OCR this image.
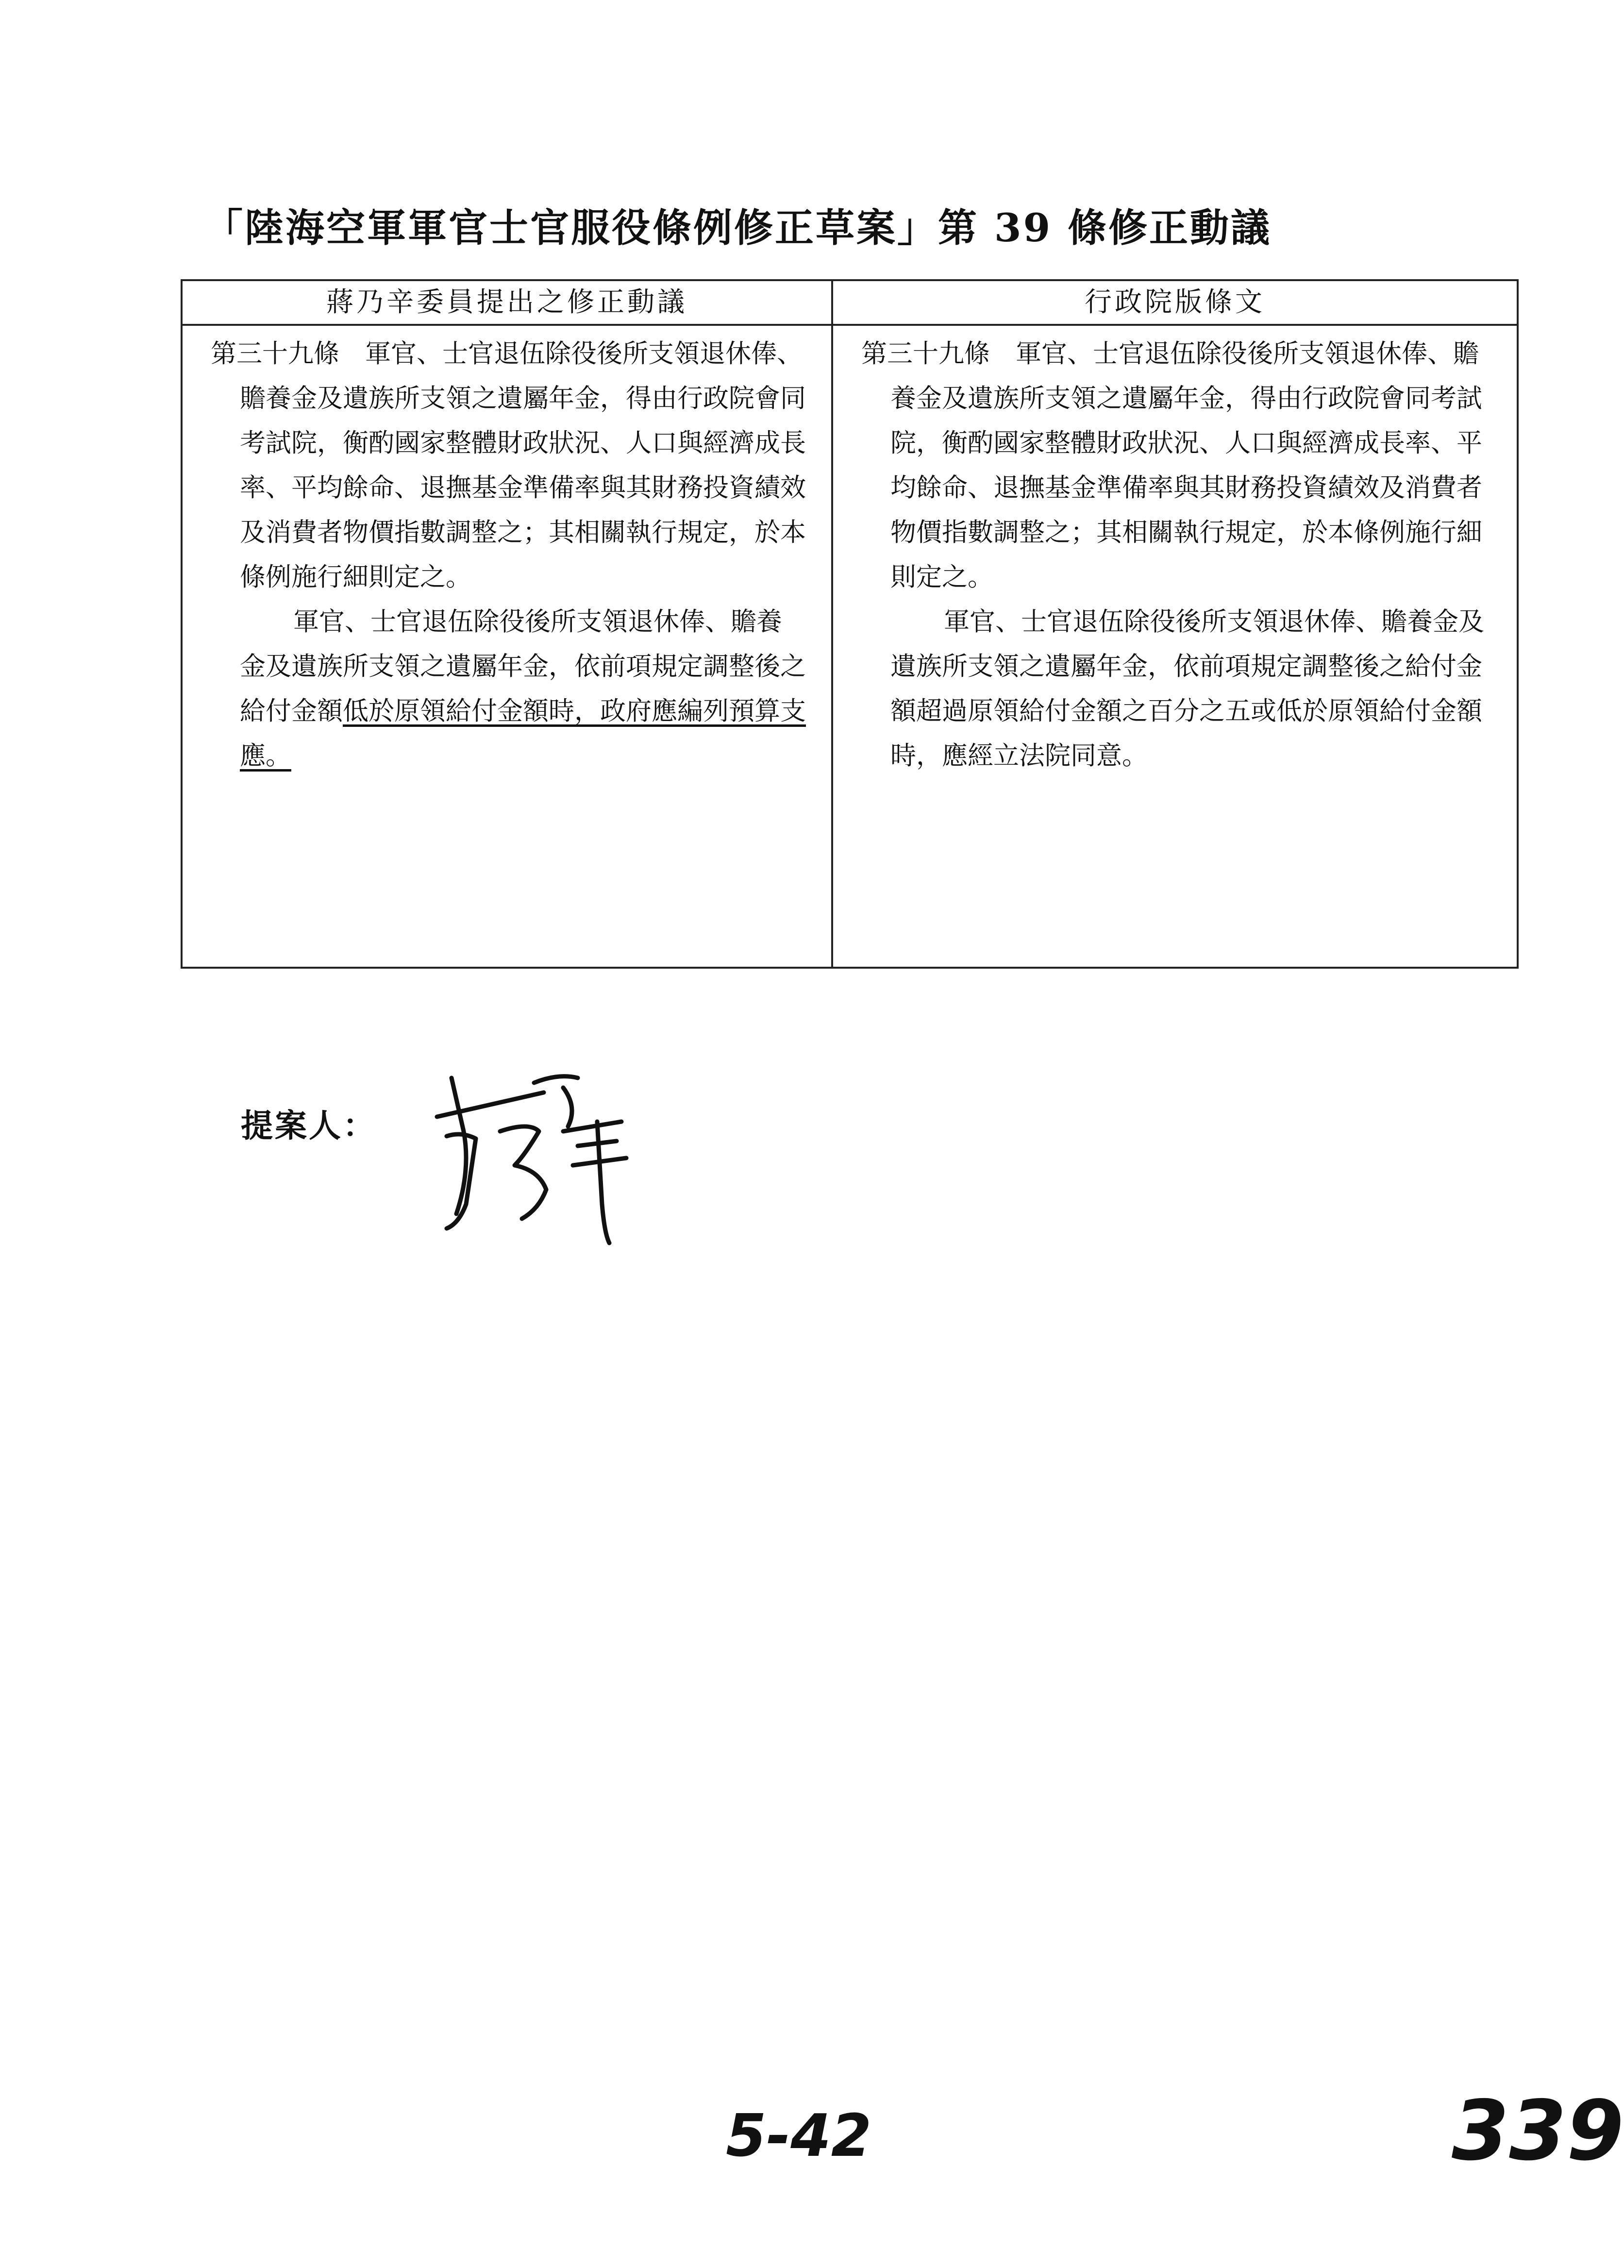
「陸海空軍軍官士官服役條例修正草案」第 39 條修正動議
蔣乃辛委員提出之修正動議

第三十九條　軍官、士官退伍除役後所支領退休俸、贍養金及遺族所支領之遺屬年金，得由行政院會同考試院，衡酌國家整體財政狀況、人口與經濟成長率、平均餘命、退撫基金準備率與其財務投資績效及消費者物價指數調整之；其相關執行規定，於本條例施行細則定之。

軍官、士官退伍除役後所支領退休俸、贍養金及遺族所支領之遺屬年金，依前項規定調整後之給付金額低於原領給付金額時，政府應編列預算支應。

行政院版條文

第三十九條　軍官、士官退伍除役後所支領退休俸、贍養金及遺族所支領之遺屬年金，得由行政院會同考試院，衡酌國家整體財政狀況、人口與經濟成長率、平均餘命、退撫基金準備率與其財務投資績效及消費者物價指數調整之；其相關執行規定，於本條例施行細則定之。

軍官、士官退伍除役後所支領退休俸、贍養金及遺族所支領之遺屬年金，依前項規定調整後之給付金額超過原領給付金額之百分之五或低於原領給付金額時，應經立法院同意。

提案人：
5-42	339
